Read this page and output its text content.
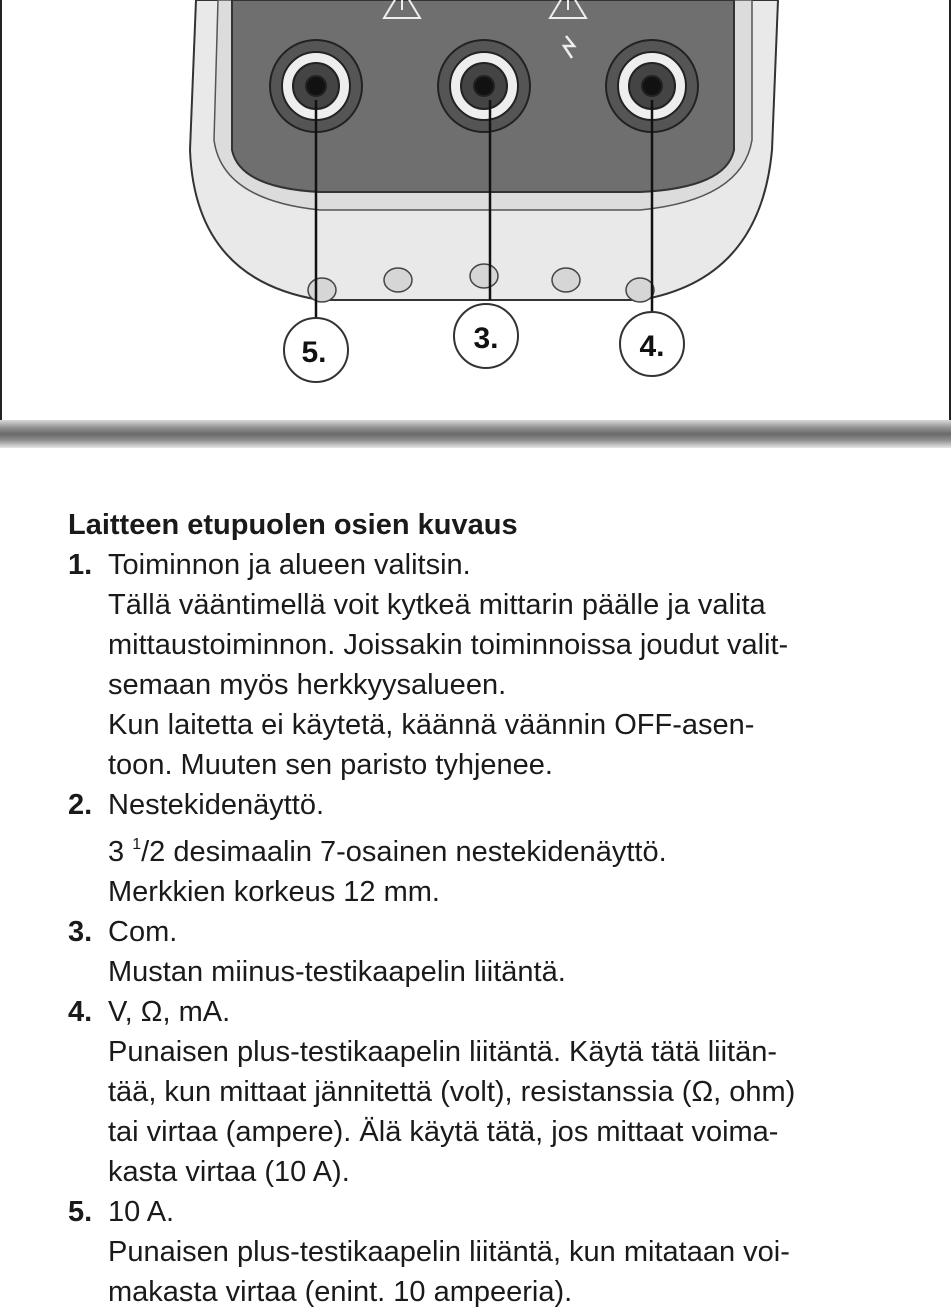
5.	3.	4.
Laitteen etupuolen osien kuvaus
1. Toiminnon ja alueen valitsin.
Tällä vääntimellä voit kytkeä mittarin päälle ja valita
mittaustoiminnon. Joissakin toiminnoissa joudut valit-
semaan myös herkkyysalueen.
Kun laitetta ei käytetä, käännä väännin OFF-asen-
toon. Muuten sen paristo tyhjenee.
2. Nestekidenäyttö.
3 $^1$/2 desimaalin 7-osainen nestekidenäyttö.
Merkkien korkeus 12 mm.
3. Com.
Mustan miinus-testikaapelin liitäntä.
4. V, Ω, mA.
Punaisen plus-testikaapelin liitäntä. Käytä tätä liitän-
tää, kun mittaat jännitettä (volt), resistanssia (Ω, ohm)
tai virtaa (ampere). Älä käytä tätä, jos mittaat voima-
kasta virtaa (10 A).
5. 10 A.
Punaisen plus-testikaapelin liitäntä, kun mitataan voi-
makasta virtaa (enint. 10 ampeeria).
